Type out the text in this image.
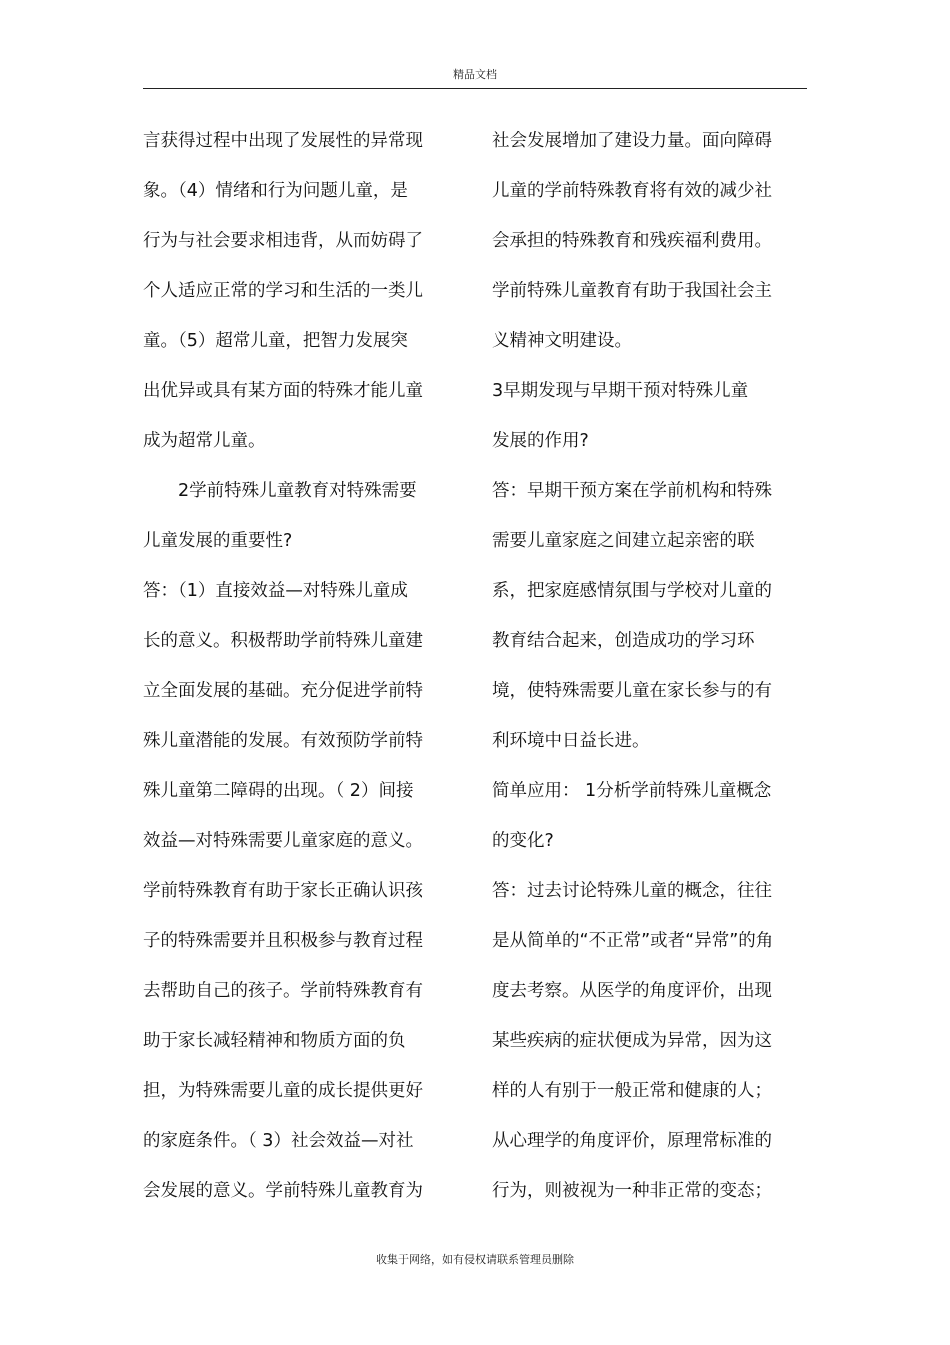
精品文档
言获得过程中出现了发展性的异常现
象。（4）情绪和行为问题儿童，是
行为与社会要求相违背，从而妨碍了
个人适应正常的学习和生活的一类儿
童。（5）超常儿童，把智力发展突
出优异或具有某方面的特殊才能儿童
成为超常儿童。
　　2学前特殊儿童教育对特殊需要
儿童发展的重要性?
答：（1）直接效益—对特殊儿童成
长的意义。积极帮助学前特殊儿童建
立全面发展的基础。充分促进学前特
殊儿童潜能的发展。有效预防学前特
殊儿童第二障碍的出现。（ 2）间接
效益—对特殊需要儿童家庭的意义。
学前特殊教育有助于家长正确认识孩
子的特殊需要并且积极参与教育过程
去帮助自己的孩子。学前特殊教育有
助于家长减轻精神和物质方面的负
担，为特殊需要儿童的成长提供更好
的家庭条件。（ 3）社会效益—对社
会发展的意义。学前特殊儿童教育为
社会发展增加了建设力量。面向障碍
儿童的学前特殊教育将有效的减少社
会承担的特殊教育和残疾福利费用。
学前特殊儿童教育有助于我国社会主
义精神文明建设。
3早期发现与早期干预对特殊儿童
发展的作用?
答：早期干预方案在学前机构和特殊
需要儿童家庭之间建立起亲密的联
系，把家庭感情氛围与学校对儿童的
教育结合起来，创造成功的学习环
境，使特殊需要儿童在家长参与的有
利环境中日益长进。
简单应用： 1分析学前特殊儿童概念
的变化?
答：过去讨论特殊儿童的概念，往往
是从简单的“不正常”或者“异常”的角
度去考察。从医学的角度评价，出现
某些疾病的症状便成为异常，因为这
样的人有别于一般正常和健康的人；
从心理学的角度评价，原理常标准的
行为，则被视为一种非正常的变态；
收集于网络，如有侵权请联系管理员删除
